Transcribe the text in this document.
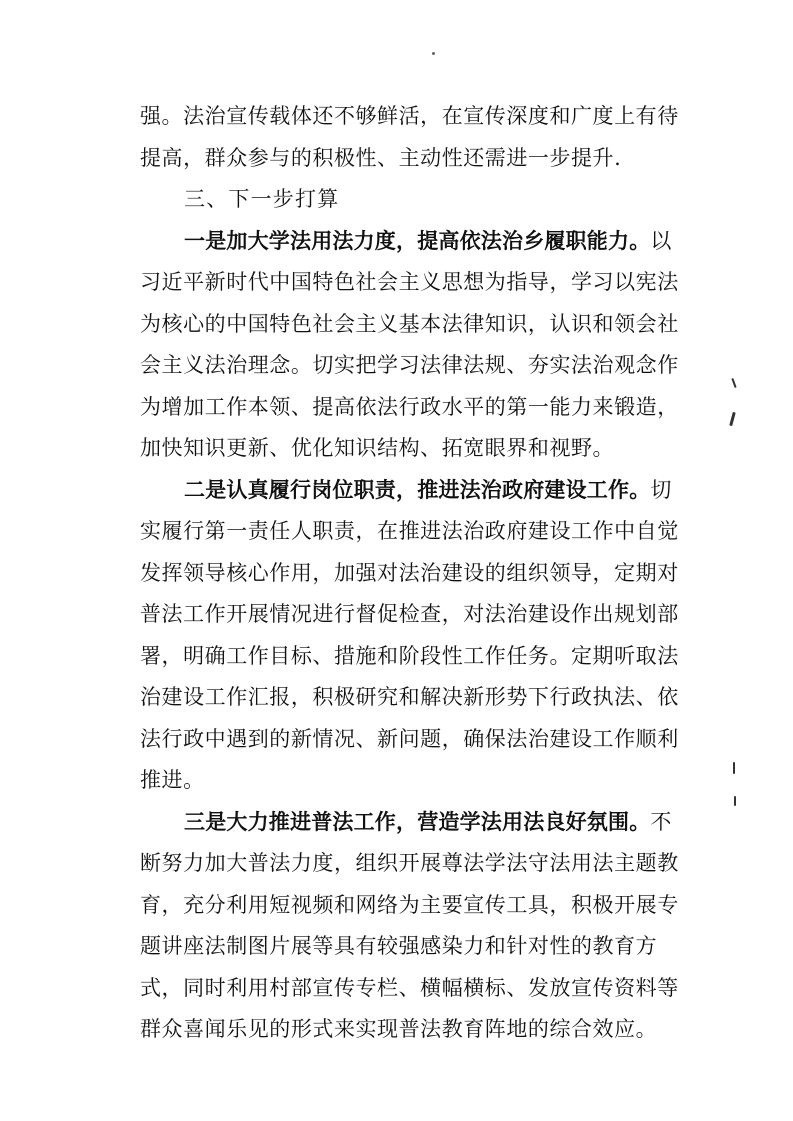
强。法治宣传载体还不够鲜活，在宣传深度和广度上有待
提高，群众参与的积极性、主动性还需进一步提升.
三、下一步打算
一是加大学法用法力度，提高依法治乡履职能力。以
习近平新时代中国特色社会主义思想为指导，学习以宪法
为核心的中国特色社会主义基本法律知识，认识和领会社
会主义法治理念。切实把学习法律法规、夯实法治观念作
为增加工作本领、提高依法行政水平的第一能力来锻造，
加快知识更新、优化知识结构、拓宽眼界和视野。
二是认真履行岗位职责，推进法治政府建设工作。切
实履行第一责任人职责，在推进法治政府建设工作中自觉
发挥领导核心作用，加强对法治建设的组织领导，定期对
普法工作开展情况进行督促检查，对法治建设作出规划部
署，明确工作目标、措施和阶段性工作任务。定期听取法
治建设工作汇报，积极研究和解决新形势下行政执法、依
法行政中遇到的新情况、新问题，确保法治建设工作顺利
推进。
三是大力推进普法工作，营造学法用法良好氛围。不
断努力加大普法力度，组织开展尊法学法守法用法主题教
育，充分利用短视频和网络为主要宣传工具，积极开展专
题讲座法制图片展等具有较强感染力和针对性的教育方
式，同时利用村部宣传专栏、横幅横标、发放宣传资料等
群众喜闻乐见的形式来实现普法教育阵地的综合效应。
